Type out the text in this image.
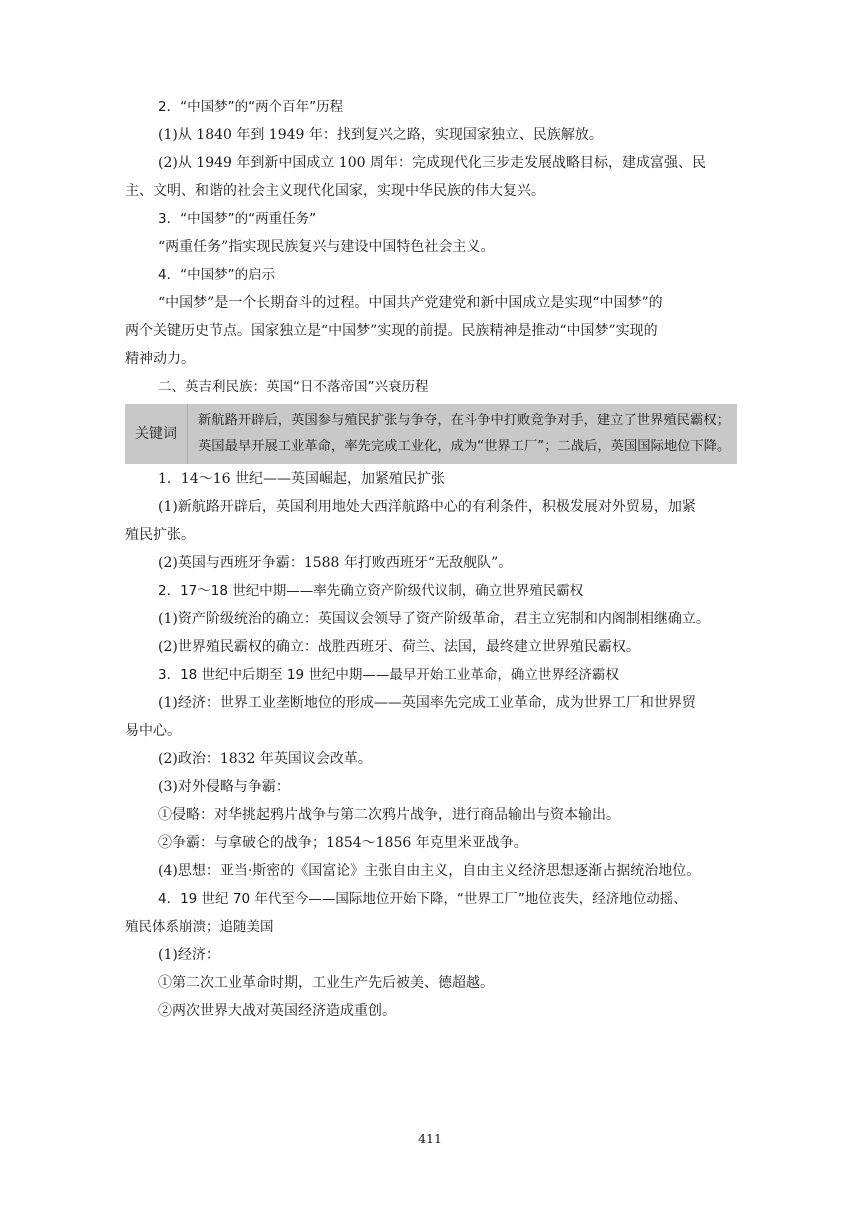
2．“中国梦”的“两个百年”历程

(1)从 1840 年到 1949 年：找到复兴之路，实现国家独立、民族解放。

(2)从 1949 年到新中国成立 100 周年：完成现代化三步走发展战略目标，建成富强、民

主、文明、和谐的社会主义现代化国家，实现中华民族的伟大复兴。

3．“中国梦”的“两重任务”

“两重任务”指实现民族复兴与建设中国特色社会主义。

4．“中国梦”的启示

“中国梦”是一个长期奋斗的过程。中国共产党建党和新中国成立是实现“中国梦”的

两个关键历史节点。国家独立是“中国梦”实现的前提。民族精神是推动“中国梦”实现的

精神动力。

二、英吉利民族：英国“日不落帝国”兴衰历程

关键词
新航路开辟后，英国参与殖民扩张与争夺，在斗争中打败竞争对手，建立了世界殖民霸权；英国最早开展工业革命，率先完成工业化，成为“世界工厂”；二战后，英国国际地位下降。

1．14～16 世纪——英国崛起，加紧殖民扩张

(1)新航路开辟后，英国利用地处大西洋航路中心的有利条件，积极发展对外贸易，加紧

殖民扩张。

(2)英国与西班牙争霸：1588 年打败西班牙“无敌舰队”。

2．17～18 世纪中期——率先确立资产阶级代议制，确立世界殖民霸权

(1)资产阶级统治的确立：英国议会领导了资产阶级革命，君主立宪制和内阁制相继确立。

(2)世界殖民霸权的确立：战胜西班牙、荷兰、法国，最终建立世界殖民霸权。

3．18 世纪中后期至 19 世纪中期——最早开始工业革命，确立世界经济霸权

(1)经济：世界工业垄断地位的形成——英国率先完成工业革命，成为世界工厂和世界贸

易中心。

(2)政治：1832 年英国议会改革。

(3)对外侵略与争霸：

①侵略：对华挑起鸦片战争与第二次鸦片战争，进行商品输出与资本输出。

②争霸：与拿破仑的战争；1854～1856 年克里米亚战争。

(4)思想：亚当·斯密的《国富论》主张自由主义，自由主义经济思想逐渐占据统治地位。

4．19 世纪 70 年代至今——国际地位开始下降，“世界工厂”地位丧失，经济地位动摇、

殖民体系崩溃；追随美国

(1)经济：

①第二次工业革命时期，工业生产先后被美、德超越。

②两次世界大战对英国经济造成重创。

411
